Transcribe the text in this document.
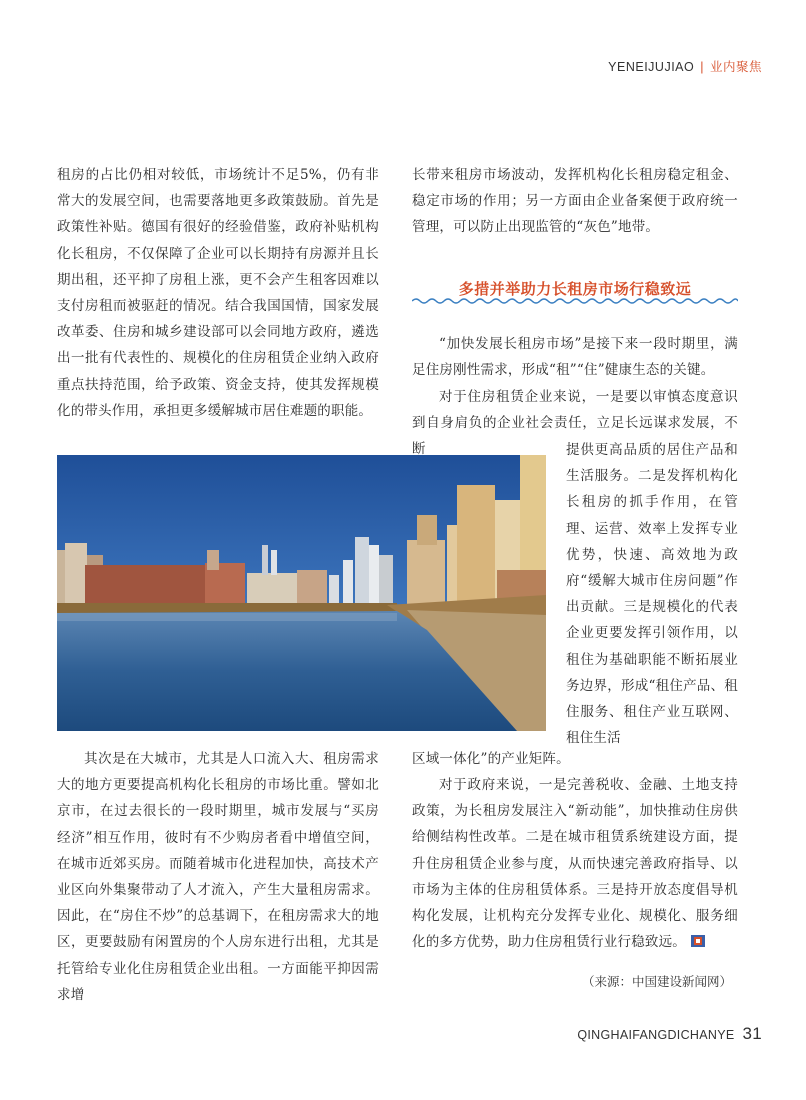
YENEIJUJIAO | 业内聚焦

租房的占比仍相对较低，市场统计不足5%，仍有非常大的发展空间，也需要落地更多政策鼓励。首先是政策性补贴。德国有很好的经验借鉴，政府补贴机构化长租房，不仅保障了企业可以长期持有房源并且长期出租，还平抑了房租上涨，更不会产生租客因难以支付房租而被驱赶的情况。结合我国国情，国家发展改革委、住房和城乡建设部可以会同地方政府，遴选出一批有代表性的、规模化的住房租赁企业纳入政府重点扶持范围，给予政策、资金支持，使其发挥规模化的带头作用，承担更多缓解城市居住难题的职能。

其次是在大城市，尤其是人口流入大、租房需求大的地方更要提高机构化长租房的市场比重。譬如北京市，在过去很长的一段时期里，城市发展与“买房经济”相互作用，彼时有不少购房者看中增值空间，在城市近郊买房。而随着城市化进程加快，高技术产业区向外集聚带动了人才流入，产生大量租房需求。因此，在“房住不炒”的总基调下，在租房需求大的地区，更要鼓励有闲置房的个人房东进行出租，尤其是托管给专业化住房租赁企业出租。一方面能平抑因需求增

长带来租房市场波动，发挥机构化长租房稳定租金、稳定市场的作用；另一方面由企业备案便于政府统一管理，可以防止出现监管的“灰色”地带。

多措并举助力长租房市场行稳致远

“加快发展长租房市场”是接下来一段时期里，满足住房刚性需求，形成“租”“住”健康生态的关键。

对于住房租赁企业来说，一是要以审慎态度意识到自身肩负的企业社会责任，立足长远谋求发展，不断	提供更高品质的居住产品和生活服务。二是发挥机构化长租房的抓手作用，在管理、运营、效率上发挥专业优势，快速、高效地为政府“缓解大城市住房问题”作出贡献。三是规模化的代表企业更要发挥引领作用，以租住为基础职能不断拓展业务边界，形成“租住产品、租住服务、租住产业互联网、租住生活

区域一体化”的产业矩阵。

对于政府来说，一是完善税收、金融、土地支持政策，为长租房发展注入“新动能”，加快推动住房供给侧结构性改革。二是在城市租赁系统建设方面，提升住房租赁企业参与度，从而快速完善政府指导、以市场为主体的住房租赁体系。三是持开放态度倡导机构化发展，让机构充分发挥专业化、规模化、服务细化的多方优势，助力住房租赁行业行稳致远。

（来源：中国建设新闻网）
QINGHAIFANGDICHANYE 31
